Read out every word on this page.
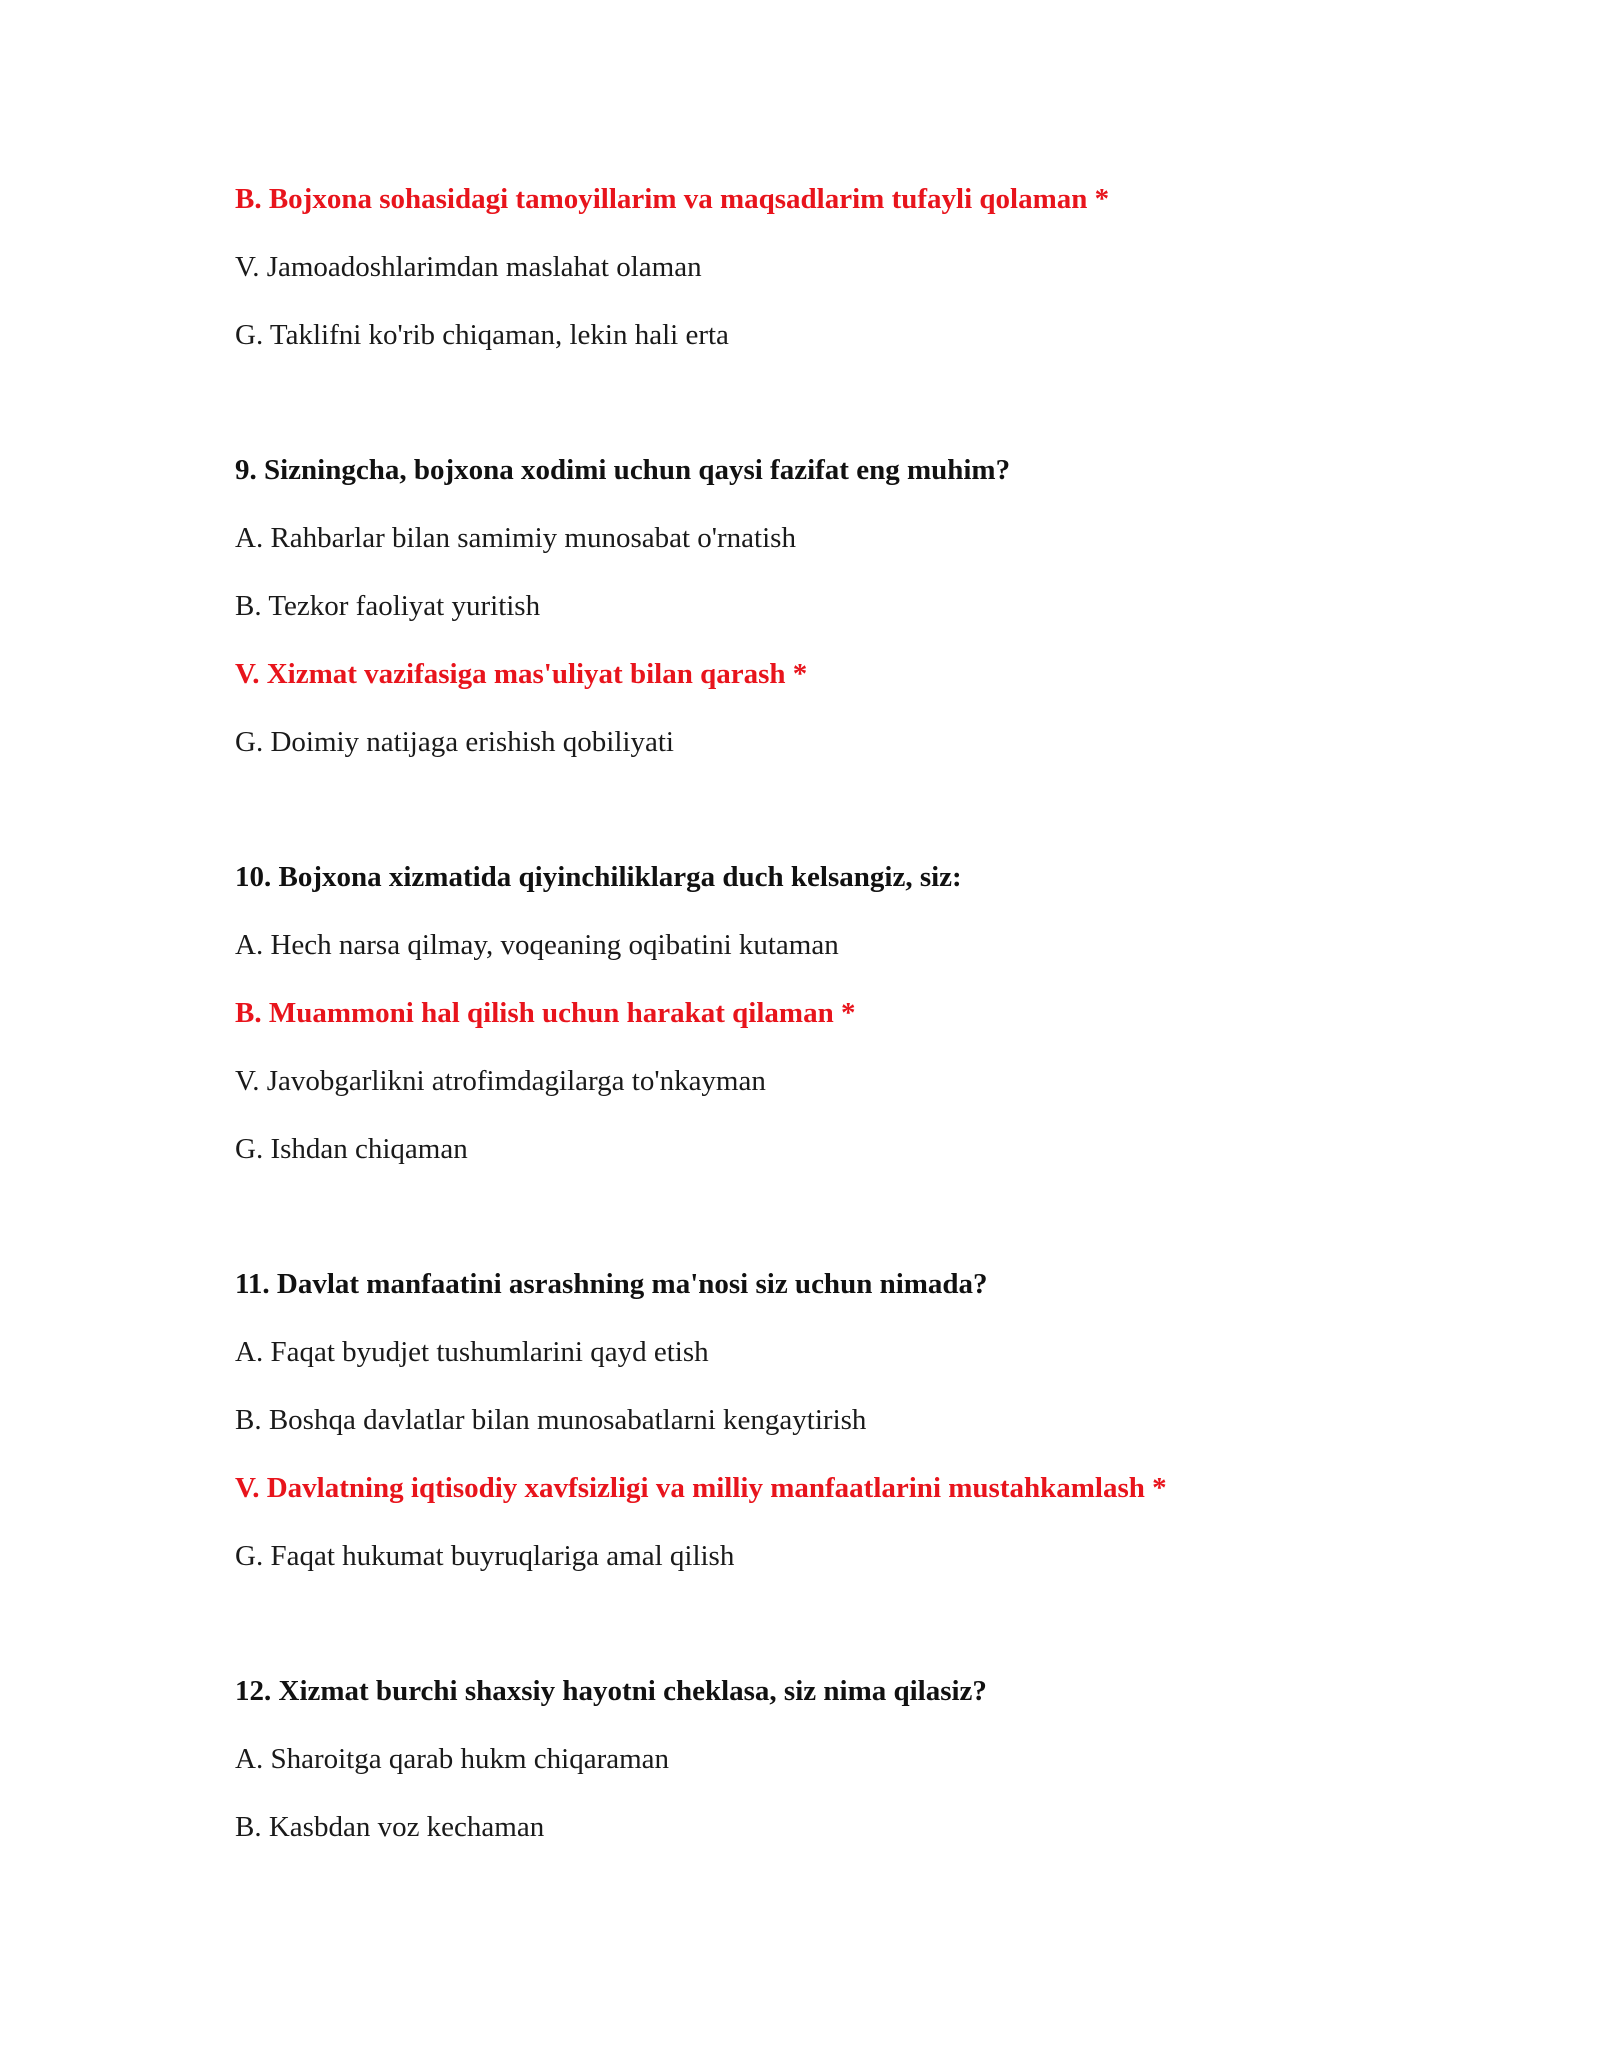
B. Bojxona sohasidagi tamoyillarim va maqsadlarim tufayli qolaman *
V. Jamoadoshlarimdan maslahat olaman
G. Taklifni ko'rib chiqaman, lekin hali erta
9. Sizningcha, bojxona xodimi uchun qaysi fazifat eng muhim?
A. Rahbarlar bilan samimiy munosabat o'rnatish
B. Tezkor faoliyat yuritish
V. Xizmat vazifasiga mas'uliyat bilan qarash *
G. Doimiy natijaga erishish qobiliyati
10. Bojxona xizmatida qiyinchiliklarga duch kelsangiz, siz:
A. Hech narsa qilmay, voqeaning oqibatini kutaman
B. Muammoni hal qilish uchun harakat qilaman *
V. Javobgarlikni atrofimdagilarga to'nkayman
G. Ishdan chiqaman
11. Davlat manfaatini asrashning ma'nosi siz uchun nimada?
A. Faqat byudjet tushumlarini qayd etish
B. Boshqa davlatlar bilan munosabatlarni kengaytirish
V. Davlatning iqtisodiy xavfsizligi va milliy manfaatlarini mustahkamlash *
G. Faqat hukumat buyruqlariga amal qilish
12. Xizmat burchi shaxsiy hayotni cheklasa, siz nima qilasiz?
A. Sharoitga qarab hukm chiqaraman
B. Kasbdan voz kechaman
